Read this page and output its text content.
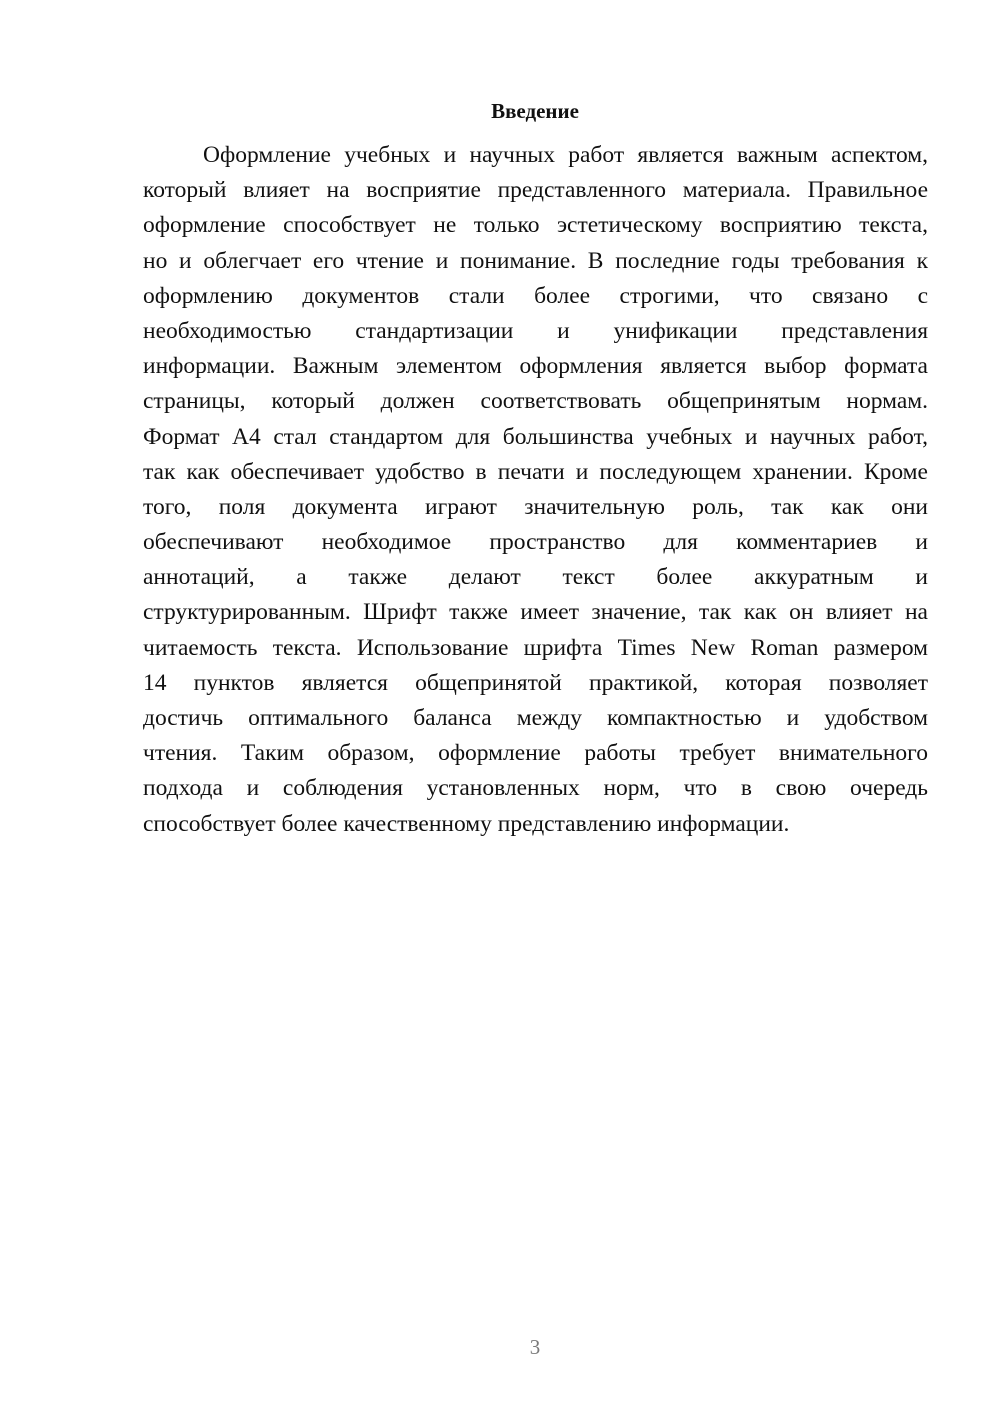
Введение
Оформление учебных и научных работ является важным аспектом,
который влияет на восприятие представленного материала. Правильное
оформление способствует не только эстетическому восприятию текста,
но и облегчает его чтение и понимание. В последние годы требования к
оформлению документов стали более строгими, что связано с
необходимостью стандартизации и унификации представления
информации. Важным элементом оформления является выбор формата
страницы, который должен соответствовать общепринятым нормам.
Формат А4 стал стандартом для большинства учебных и научных работ,
так как обеспечивает удобство в печати и последующем хранении. Кроме
того, поля документа играют значительную роль, так как они
обеспечивают необходимое пространство для комментариев и
аннотаций, а также делают текст более аккуратным и
структурированным. Шрифт также имеет значение, так как он влияет на
читаемость текста. Использование шрифта Times New Roman размером
14 пунктов является общепринятой практикой, которая позволяет
достичь оптимального баланса между компактностью и удобством
чтения. Таким образом, оформление работы требует внимательного
подхода и соблюдения установленных норм, что в свою очередь
способствует более качественному представлению информации.
3
